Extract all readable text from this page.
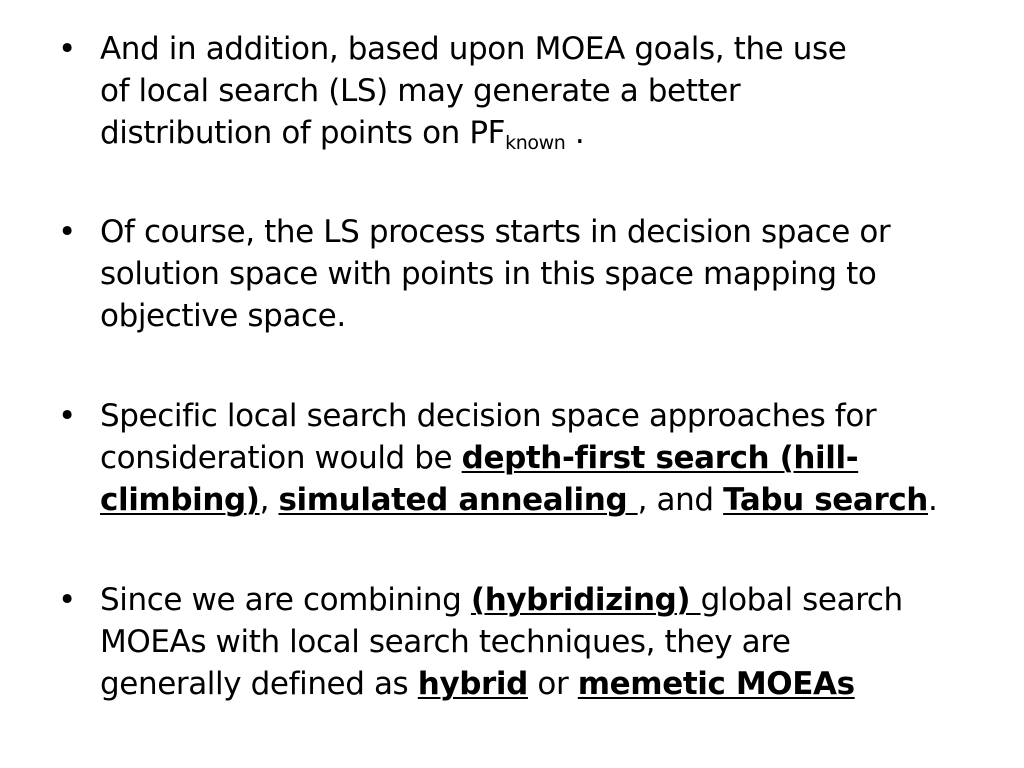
• And in addition, based upon MOEA goals, the use
of local search (LS) may generate a better
distribution of points on $PF_{known}$ .
• Of course, the LS process starts in decision space or
solution space with points in this space mapping to
objective space.
• Specific local search decision space approaches for
consideration would be depth-first search (hill-
climbing), simulated annealing , and Tabu search.
• Since we are combining (hybridizing) global search
MOEAs with local search techniques, they are
generally defined as hybrid or memetic MOEAs
